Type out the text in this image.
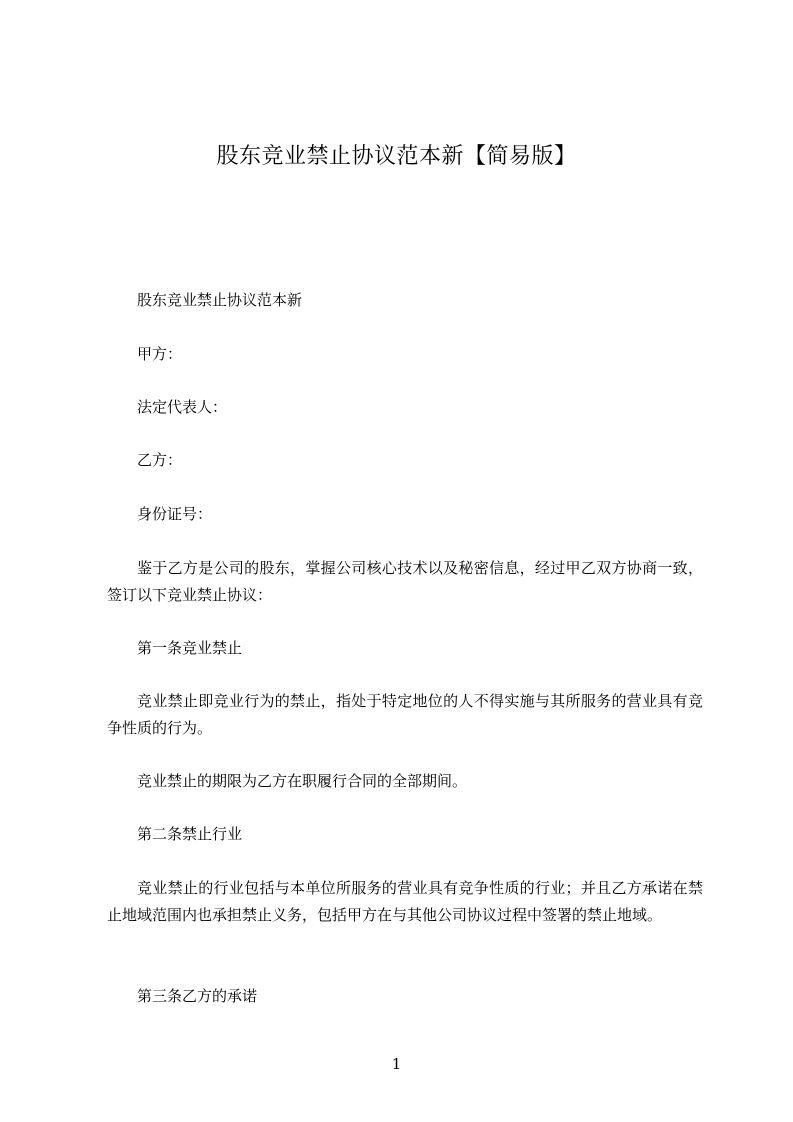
股东竞业禁止协议范本新【简易版】

股东竞业禁止协议范本新

甲方：

法定代表人：

乙方：

身份证号：

鉴于乙方是公司的股东，掌握公司核心技术以及秘密信息，经过甲乙双方协商一致，签订以下竞业禁止协议：

第一条竞业禁止

竞业禁止即竞业行为的禁止，指处于特定地位的人不得实施与其所服务的营业具有竞争性质的行为。

竞业禁止的期限为乙方在职履行合同的全部期间。

第二条禁止行业

竞业禁止的行业包括与本单位所服务的营业具有竞争性质的行业；并且乙方承诺在禁止地域范围内也承担禁止义务，包括甲方在与其他公司协议过程中签署的禁止地域。

第三条乙方的承诺

1
